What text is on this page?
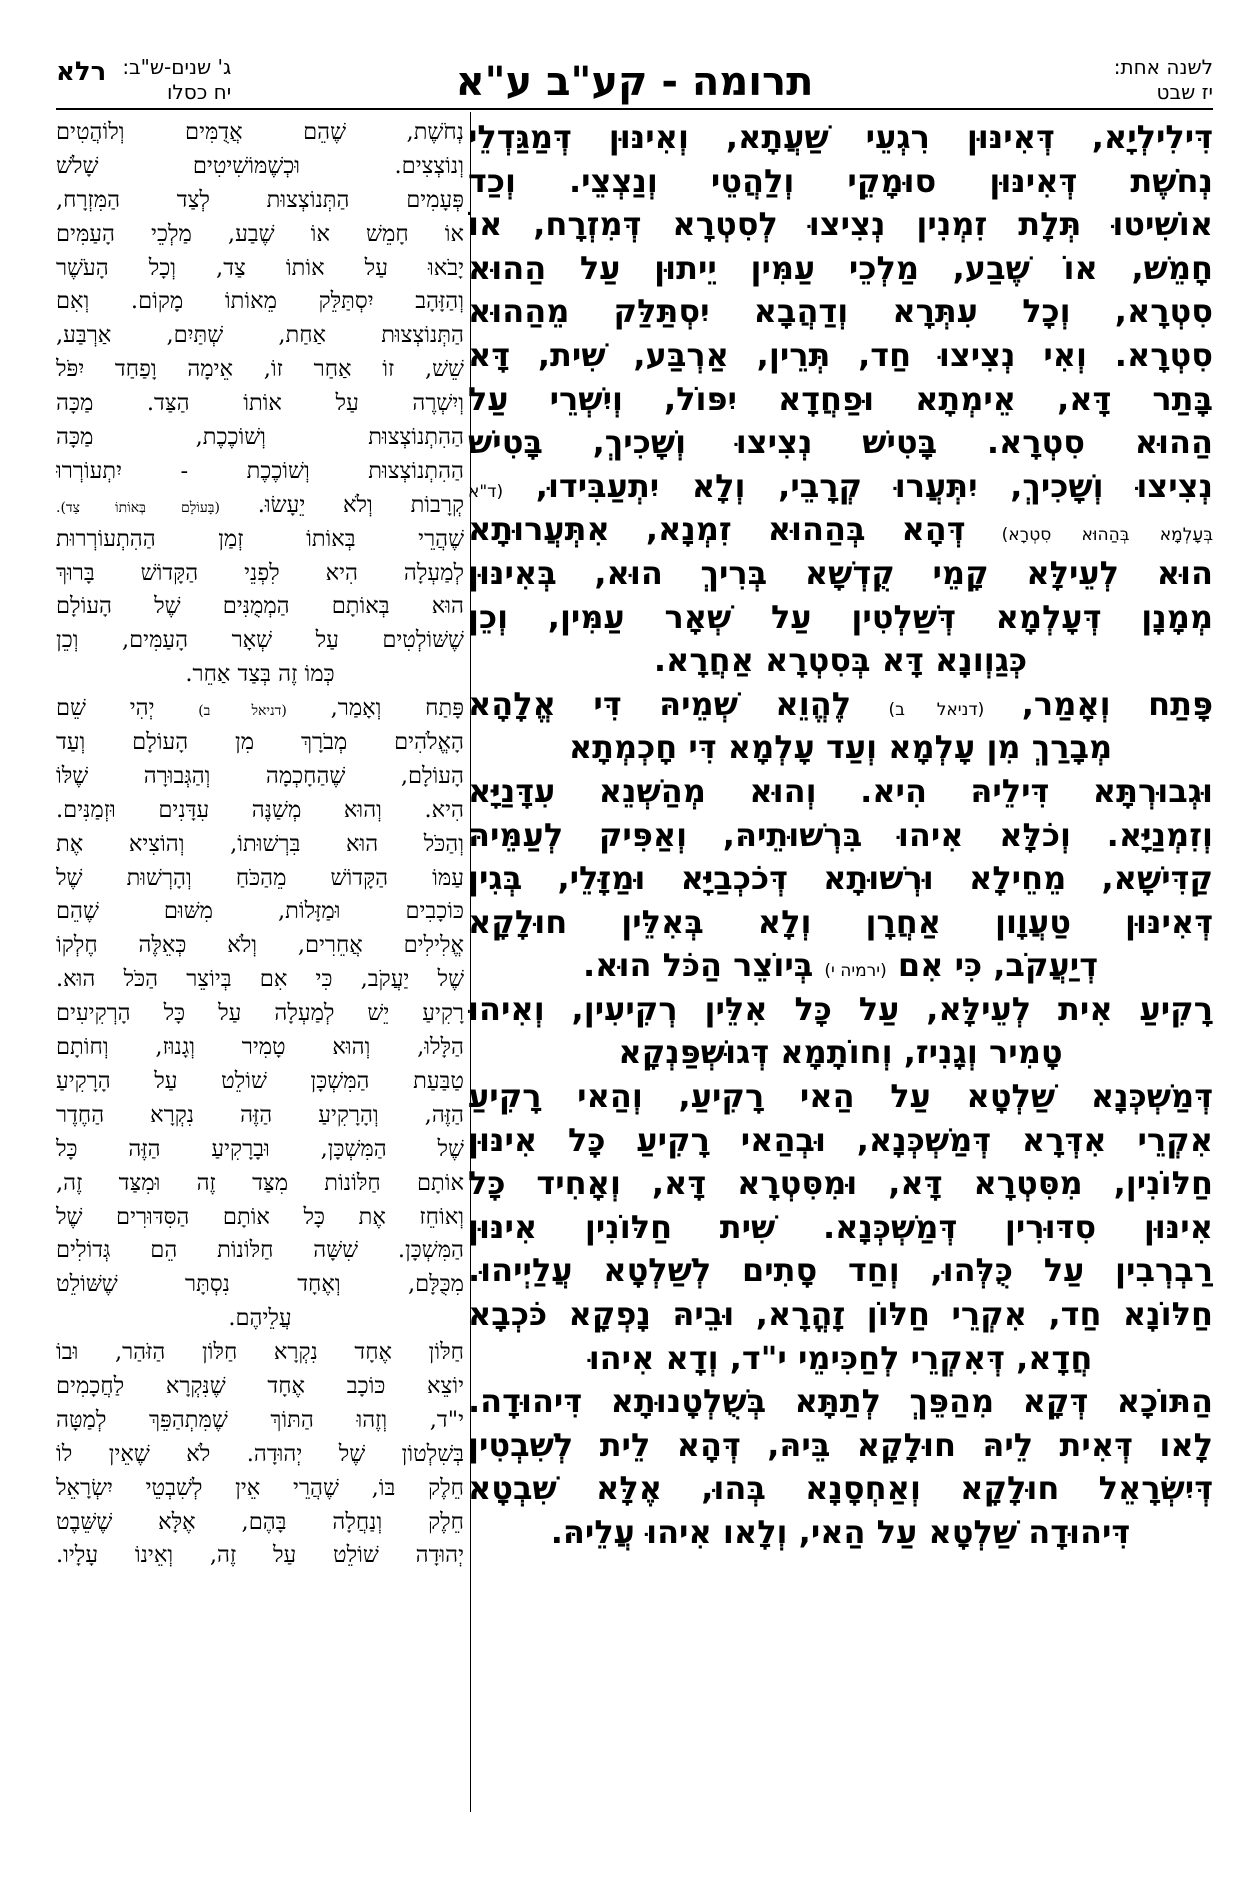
לשנה אחת:
יז שבט
תרומה - קע"ב ע"א
רלא ג' שנים-ש"ב:
יח כסלו
דִּילִילְיָא, דְּאִינּוּן רִגְעֵי שַׁעֲתָא, וְאִינּוּן דְּמַגַּדְלֵי
נְחֹשֶׁת דְּאִינּוּן סוּמָקֵי וְלַהֲטֵי וְנַצְצֵי. וְכַד
אוֹשִׁיטוּ תְּלָת זִמְנִין נְצִיצוּ לְסִטְרָא דְּמִזְרָח, אוֹ
חָמֵשׁ, אוֹ שֶׁבַע, מַלְכֵי עַמִּין יֵיתוּן עַל הַהוּא
סִטְרָא, וְכָל עִתְּרָא וְדַהֲבָא יִסְתַּלַּק מֵהַהוּא
סִטְרָא. וְאִי נְצִיצוּ חַד, תְּרֵין, אַרְבַּע, שִׁית, דָּא
בָּתַר דָּא, אֵימְתָא וּפַחֲדָא יִפּוֹל, וְיִשְׁרֵי עַל
הַהוּא סִטְרָא. בָּטִישׁ נְצִיצוּ וְשָׁכִיךְ, בָּטִישׁ
נְצִיצוּ וְשָׁכִיךְ, יִתְּעֲרוּ קְרָבֵי, וְלָא יִתְעַבִּידוּ, (ד"א
בְּעָלְמָא בְּהַהוּא סִטְרָא) דְּהָא בְּהַהוּא זִמְנָא, אִתְּעֲרוּתָא
הוּא לְעֵילָּא קָמֵי קֻדְשָׁא בְּרִיךְ הוּא, בְּאִינּוּן
מְמָנָן דְּעָלְמָא דְּשַׁלְטִין עַל שְׁאָר עַמִּין, וְכֵן
כְּגַוְונָא דָּא בְּסִטְרָא אַחֲרָא.
פָּתַח וְאָמַר, (דניאל ב) לֶהֱוֵא שְׁמֵיהּ דִּי אֱלָהָא
מְבָרַךְ מִן עָלְמָא וְעַד עָלְמָא דִּי חָכְמְתָא
וּגְבוּרְתָּא דִּילֵיהּ הִיא. וְהוּא מְהַשְׁנֵא עִדָּנַיָּא
וְזִמְנַיָּא. וְכֹלָּא אִיהוּ בִּרְשׁוּתֵיהּ, וְאַפִּיק לְעַמֵּיהּ
קַדִּישָׁא, מֵחֵילָא וּרְשׁוּתָא דְּכֹכְבַיָּא וּמַזָּלֵי, בְּגִין
דְּאִינּוּן טַעֲוָון אַחֲרָן וְלָא בְּאִלֵּין חוּלָקָא
דְיַעֲקֹב, כִּי אִם (ירמיה י) בְּיוֹצֵר הַכֹּל הוּא.
רָקִיעַ אִית לְעֵילָּא, עַל כָּל אִלֵּין רְקִיעִין, וְאִיהוּ
טָמִיר וְגָנִיז, וְחוֹתָמָא דְּגוּשְׁפַּנְקָא
דְּמַשְׁכְּנָא שַׁלְטָא עַל הַאי רָקִיעַ, וְהַאי רָקִיעַ
אִקְרֵי אִדְּרָא דְּמַשְׁכְּנָא, וּבְהַאי רָקִיעַ כָּל אִינּוּן
חַלּוֹנִין, מִסִּטְרָא דָּא, וּמִסִּטְרָא דָּא, וְאָחִיד כָּל
אִינּוּן סִדּוּרִין דְּמַשְׁכְּנָא. שִׁית חַלּוֹנִין אִינּוּן
רַבְרְבִין עַל כֻּלְּהוּ, וְחַד סָתִים לְשַׁלְטָא עֲלַיְיהוּ.
חַלּוֹנָא חַד, אִקְרֵי חַלּוֹן זָהֳרָא, וּבֵיהּ נָפְקָא כֹּכְבָא
חֲדָא, דְּאִקְרֵי לְחַכִּימֵי י"ד, וְדָא אִיהוּ
הַתּוֹכָא דְּקָא מִהַפֵּךְ לְתַתָּא בְּשֻׁלְטָנוּתָא דִּיהוּדָה.
לָאו דְּאִית לֵיהּ חוּלָקָא בֵּיהּ, דְּהָא לֵית לְשִׁבְטִין
דְּיִשְׂרָאֵל חוּלָקָא וְאַחְסָנָא בְּהוּ, אֶלָּא שִׁבְטָא
דִּיהוּדָה שַׁלְטָא עַל הַאי, וְלָאו אִיהוּ עֲלֵיהּ.
נְחֹשֶׁת, שֶׁהֵם אֲדֻמִּים וְלוֹהֲטִים
וְנוֹצְצִים. וּכְשֶׁמּוֹשִׁיטִים שָׁלֹשׁ
פְּעָמִים הַתְּנוֹצְצוּת לְצַד הַמִּזְרָח,
אוֹ חָמֵשׁ אוֹ שֶׁבַע, מַלְכֵי הָעַמִּים
יָבֹאוּ עַל אוֹתוֹ צַד, וְכָל הָעֹשֶׁר
וְהַזָּהָב יִסְתַּלֵּק מֵאוֹתוֹ מָקוֹם. וְאִם
הַתְּנוֹצְצוּת אַחַת, שְׁתַּיִם, אַרְבַּע,
שֵׁשׁ, זוֹ אַחַר זוֹ, אֵימָה וָפַחַד יִפֹּל
וְיִשְׁרֶה עַל אוֹתוֹ הַצַּד. מַכָּה
הַהִתְנוֹצְצוּת וְשׁוֹכֶכֶת, מַכָּה
הַהִתְנוֹצְצוּת וְשׁוֹכֶכֶת - יִתְעוֹרְרוּ
קְרָבוֹת וְלֹא יֵעָשׂוּ. (בָּעוֹלָם בְּאוֹתוֹ צַד).
שֶׁהֲרֵי בְּאוֹתוֹ זְמַן הַהִתְעוֹרְרוּת
לְמַעְלָה הִיא לִפְנֵי הַקָּדוֹשׁ בָּרוּךְ
הוּא בְּאוֹתָם הַמְמֻנִּים שֶׁל הָעוֹלָם
שֶׁשּׁוֹלְטִים עַל שְׁאָר הָעַמִּים, וְכֵן
כְּמוֹ זֶה בְּצַד אַחֵר.
פָּתַח וְאָמַר, (דניאל ב) יְהִי שֵׁם
הָאֱלֹהִים מְבֹרָךְ מִן הָעוֹלָם וְעַד
הָעוֹלָם, שֶׁהַחָכְמָה וְהַגְּבוּרָה שֶׁלּוֹ
הִיא. וְהוּא מְשַׁנֶּה עִדָּנִים וּזְמַנִּים.
וְהַכֹּל הוּא בִּרְשׁוּתוֹ, וְהוֹצִיא אֶת
עַמּוֹ הַקָּדוֹשׁ מֵהַכֹּחַ וְהָרְשׁוּת שֶׁל
כּוֹכָבִים וּמַזָּלוֹת, מִשּׁוּם שֶׁהֵם
אֱלִילִים אֲחֵרִים, וְלֹא כְּאֵלֶּה חֶלְקוֹ
שֶׁל יַעֲקֹב, כִּי אִם בְּיוֹצֵר הַכֹּל הוּא.
רָקִיעַ יֵשׁ לְמַעְלָה עַל כָּל הָרְקִיעִים
הַלָּלוּ, וְהוּא טָמִיר וְגָנוּז, וְחוֹתָם
טַבַּעַת הַמִּשְׁכָּן שׁוֹלֵט עַל הָרָקִיעַ
הַזֶּה, וְהָרָקִיעַ הַזֶּה נִקְרָא הַחֶדֶר
שֶׁל הַמִּשְׁכָּן, וּבָרָקִיעַ הַזֶּה כָּל
אוֹתָם חַלּוֹנוֹת מִצַּד זֶה וּמִצַּד זֶה,
וְאוֹחֵז אֶת כָּל אוֹתָם הַסִּדּוּרִים שֶׁל
הַמִּשְׁכָּן. שִׁשָּׁה חַלּוֹנוֹת הֵם גְּדוֹלִים
מִכֻּלָּם, וְאֶחָד נִסְתָּר שֶׁשּׁוֹלֵט
עֲלֵיהֶם.
חַלּוֹן אֶחָד נִקְרָא חַלּוֹן הַזֹּהַר, וּבוֹ
יוֹצֵא כּוֹכָב אֶחָד שֶׁנִּקְרָא לַחֲכָמִים
י"ד, וְזֶהוּ הַתּוֹךְ שֶׁמִּתְהַפֵּךְ לְמַטָּה
בְּשִׁלְטוֹן שֶׁל יְהוּדָה. לֹא שֶׁאֵין לוֹ
חֵלֶק בּוֹ, שֶׁהֲרֵי אֵין לְשִׁבְטֵי יִשְׂרָאֵל
חֵלֶק וְנַחֲלָה בָּהֶם, אֶלָּא שֶׁשֵּׁבֶט
יְהוּדָה שׁוֹלֵט עַל זֶה, וְאֵינוֹ עָלָיו.
